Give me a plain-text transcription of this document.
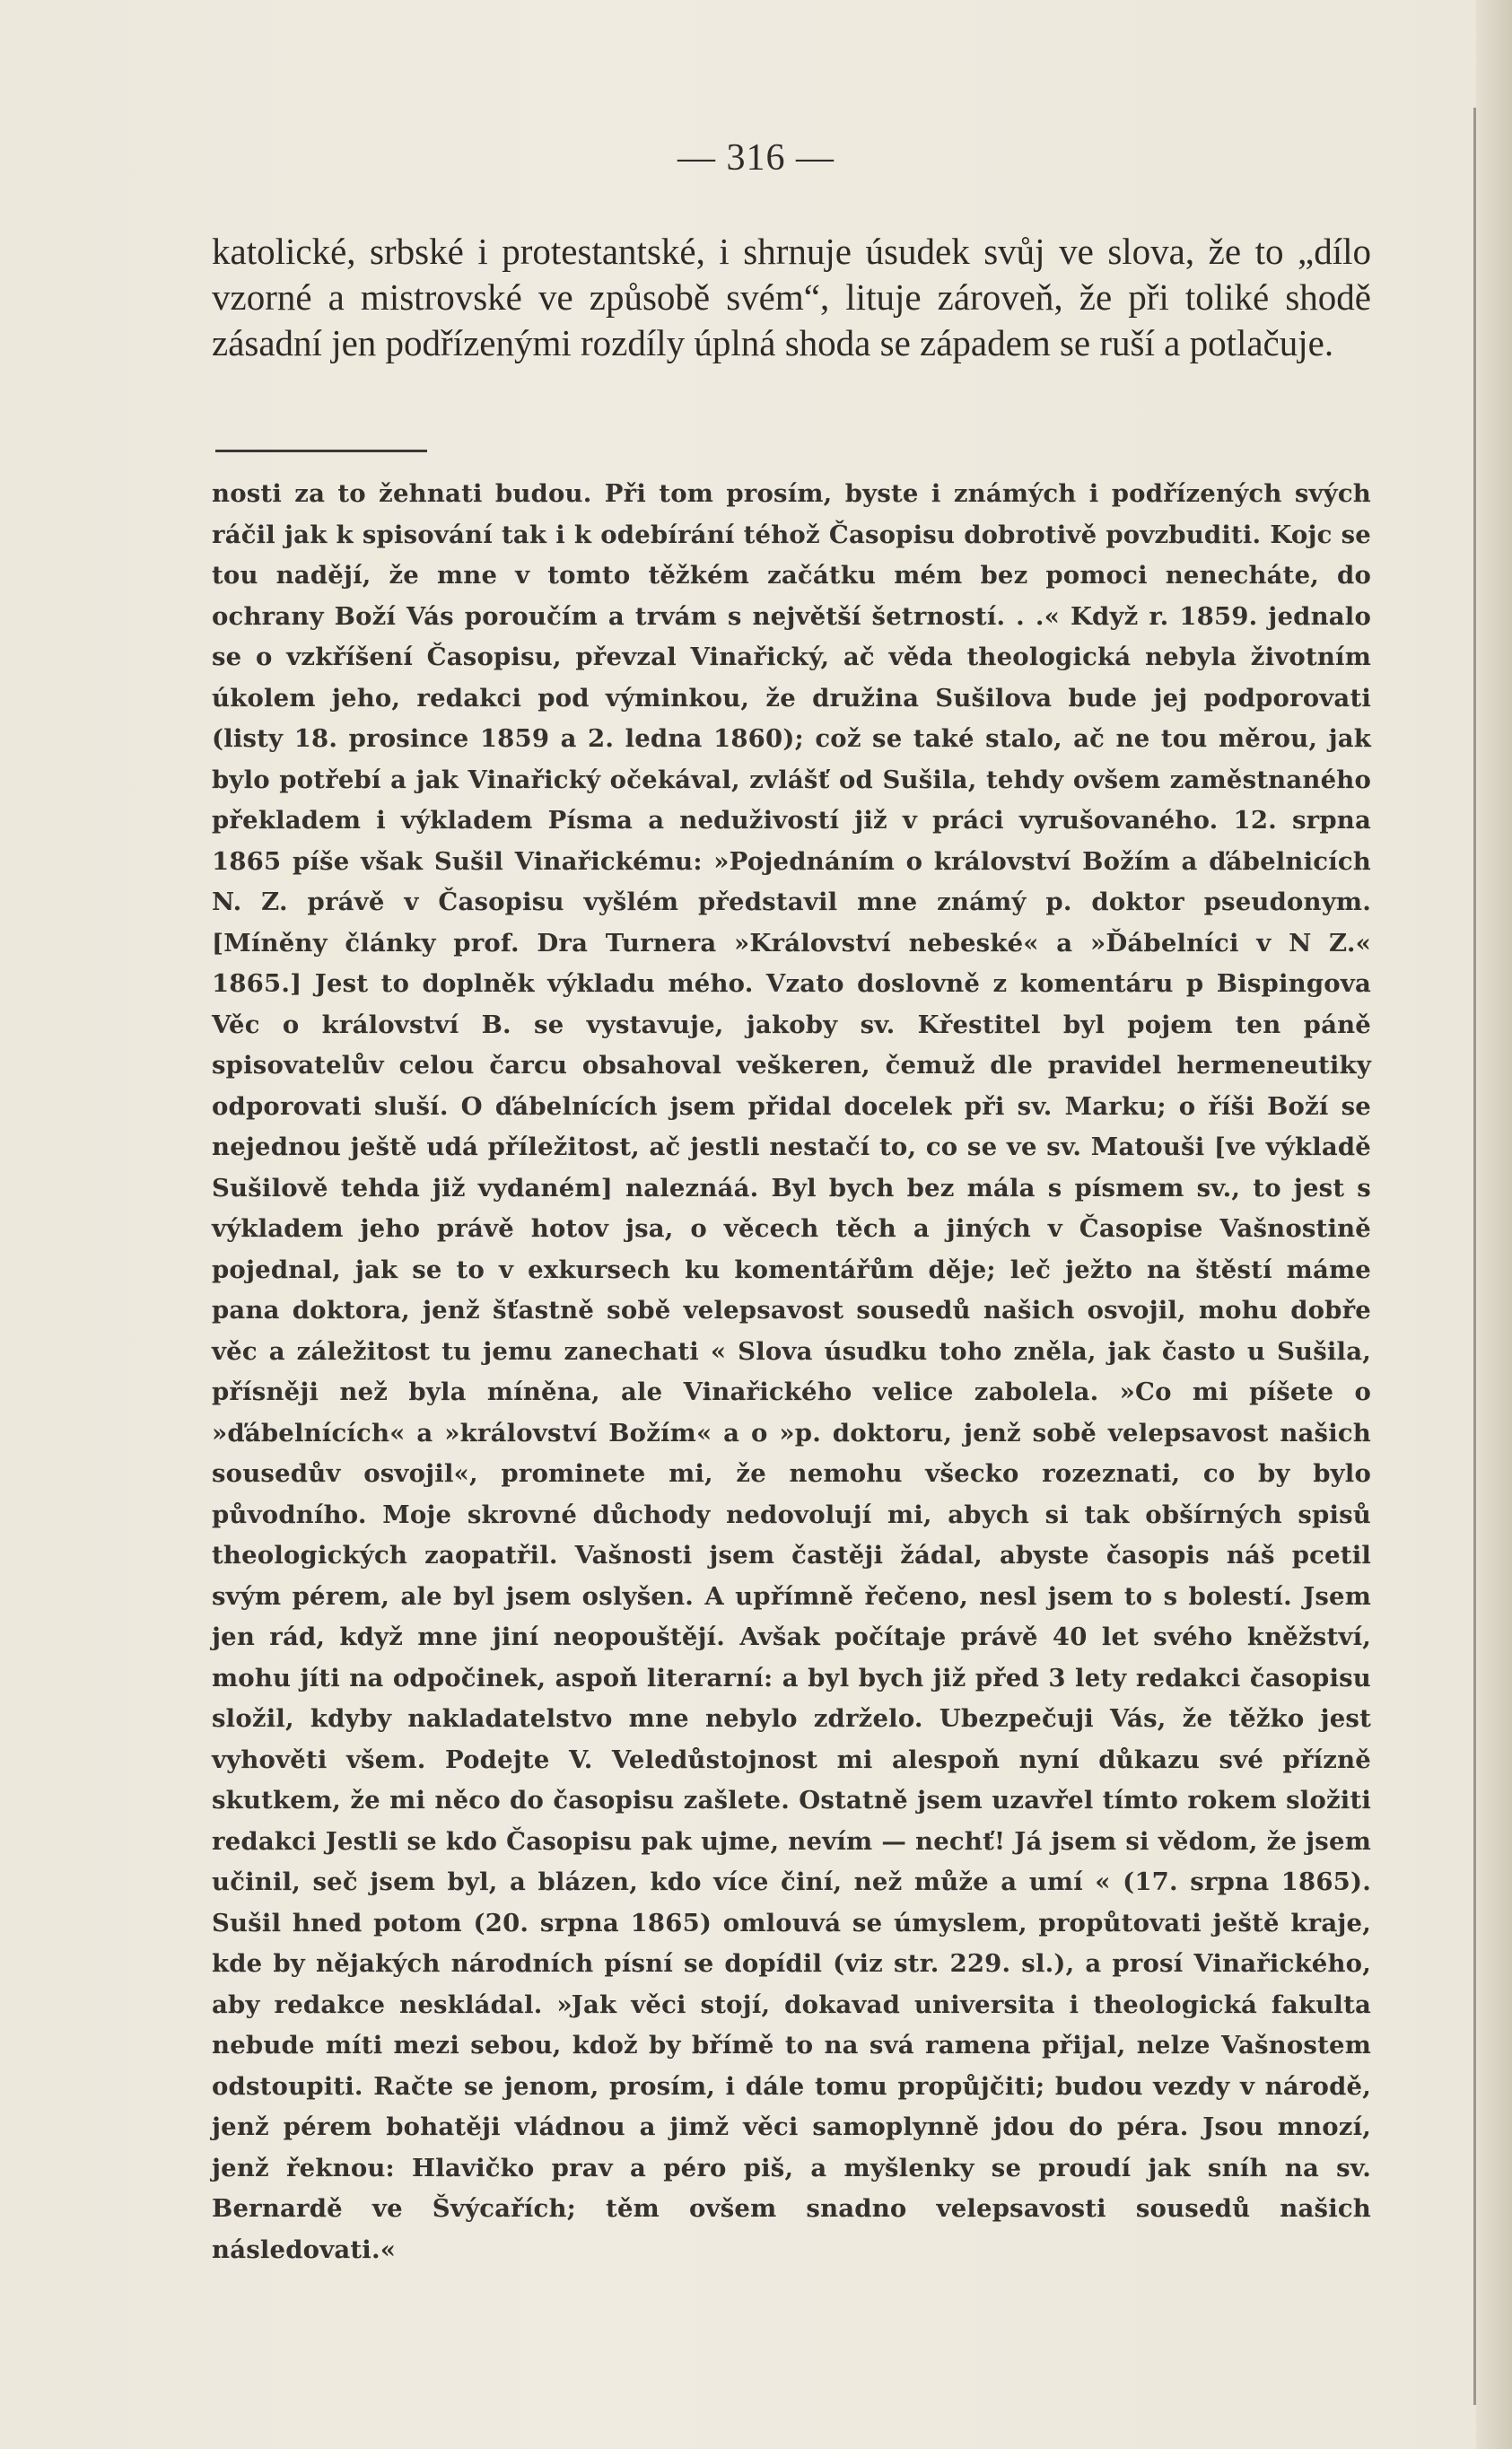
— 316 —

katolické, srbské i protestantské, i shrnuje úsudek svůj ve slova, že to „dílo vzorné a mistrovské ve způsobě svém“, lituje zároveň, že při toliké shodě zásadní jen podřízenými rozdíly úplná shoda se západem se ruší a potlačuje.

nosti za to žehnati budou. Při tom prosím, byste i známých i podřízených svých ráčil jak k spisování tak i k odebírání téhož Časopisu dobrotivě povzbuditi. Kojc se tou nadějí, že mne v tomto těžkém začátku mém bez pomoci nenecháte, do ochrany Boží Vás poroučím a trvám s největší šetrností. . .« Když r. 1859. jednalo se o vzkříšení Časopisu, převzal Vinařický, ač věda theologická nebyla životním úkolem jeho, redakci pod výminkou, že družina Sušilova bude jej podporovati (listy 18. prosince 1859 a 2. ledna 1860); což se také stalo, ač ne tou měrou, jak bylo potřebí a jak Vinařický očekával, zvlášť od Sušila, tehdy ovšem zaměstnaného překladem i výkladem Písma a neduživostí již v práci vyrušovaného. 12. srpna 1865 píše však Sušil Vinařickému: »Pojednáním o království Božím a ďábelnicích N. Z. právě v Časopisu vyšlém představil mne známý p. doktor pseudonym. [Míněny články prof. Dra Turnera »Království nebeské« a »Ďábelníci v N Z.« 1865.] Jest to doplněk výkladu mého. Vzato doslovně z komentáru p Bispingova Věc o království B. se vystavuje, jakoby sv. Křestitel byl pojem ten páně spisovatelův celou čarcu obsahoval veškeren, čemuž dle pravidel hermeneutiky odporovati sluší. O ďábelnících jsem přidal docelek při sv. Marku; o říši Boží se nejednou ještě udá příležitost, ač jestli nestačí to, co se ve sv. Matouši [ve výkladě Sušilově tehda již vydaném] naleznáá. Byl bych bez mála s písmem sv., to jest s výkladem jeho právě hotov jsa, o věcech těch a jiných v Časopise Vašnostině pojednal, jak se to v exkursech ku komentářům děje; leč ježto na štěstí máme pana doktora, jenž šťastně sobě velepsavost sousedů našich osvojil, mohu dobře věc a záležitost tu jemu zanechati « Slova úsudku toho zněla, jak často u Sušila, přísněji než byla míněna, ale Vinařického velice zabolela. »Co mi píšete o »ďábelnících« a »království Božím« a o »p. doktoru, jenž sobě velepsavost našich sousedův osvojil«, prominete mi, že nemohu všecko rozeznati, co by bylo původního. Moje skrovné důchody nedovolují mi, abych si tak obšírných spisů theologických zaopatřil. Vašnosti jsem častěji žádal, abyste časopis náš pcetil svým pérem, ale byl jsem oslyšen. A upřímně řečeno, nesl jsem to s bolestí. Jsem jen rád, když mne jiní neopouštějí. Avšak počítaje právě 40 let svého kněžství, mohu jíti na odpočinek, aspoň literarní: a byl bych již před 3 lety redakci časopisu složil, kdyby nakladatelstvo mne nebylo zdrželo. Ubezpečuji Vás, že těžko jest vyhověti všem. Podejte V. Veledůstojnost mi alespoň nyní důkazu své přízně skutkem, že mi něco do časopisu zašlete. Ostatně jsem uzavřel tímto rokem složiti redakci Jestli se kdo Časopisu pak ujme, nevím — nechť! Já jsem si vědom, že jsem učinil, seč jsem byl, a blázen, kdo více činí, než může a umí « (17. srpna 1865). Sušil hned potom (20. srpna 1865) omlouvá se úmyslem, propůtovati ještě kraje, kde by nějakých národních písní se dopídil (viz str. 229. sl.), a prosí Vinařického, aby redakce neskládal. »Jak věci stojí, dokavad universita i theologická fakulta nebude míti mezi sebou, kdož by břímě to na svá ramena přijal, nelze Vašnostem odstoupiti. Račte se jenom, prosím, i dále tomu propůjčiti; budou vezdy v národě, jenž pérem bohatěji vládnou a jimž věci samoplynně jdou do péra. Jsou mnozí, jenž řeknou: Hlavičko prav a péro piš, a myšlenky se proudí jak sníh na sv. Bernardě ve Švýcařích; těm ovšem snadno velepsavosti sousedů našich následovati.«
